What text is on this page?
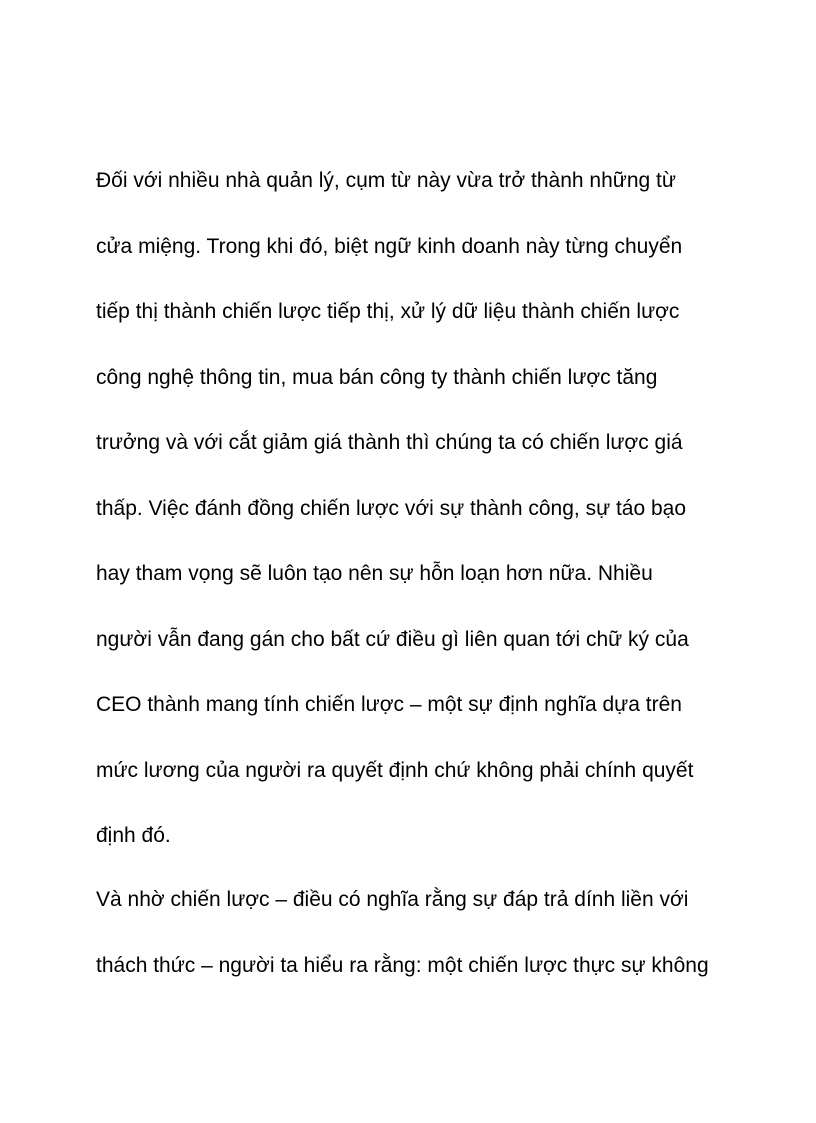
Đối với nhiều nhà quản lý, cụm từ này vừa trở thành những từ

cửa miệng. Trong khi đó, biệt ngữ kinh doanh này từng chuyển

tiếp thị thành chiến lược tiếp thị, xử lý dữ liệu thành chiến lược

công nghệ thông tin, mua bán công ty thành chiến lược tăng

trưởng và với cắt giảm giá thành thì chúng ta có chiến lược giá

thấp. Việc đánh đồng chiến lược với sự thành công, sự táo bạo

hay tham vọng sẽ luôn tạo nên sự hỗn loạn hơn nữa. Nhiều

người vẫn đang gán cho bất cứ điều gì liên quan tới chữ ký của

CEO thành mang tính chiến lược – một sự định nghĩa dựa trên

mức lương của người ra quyết định chứ không phải chính quyết

định đó.

Và nhờ chiến lược – điều có nghĩa rằng sự đáp trả dính liền với

thách thức – người ta hiểu ra rằng: một chiến lược thực sự không
